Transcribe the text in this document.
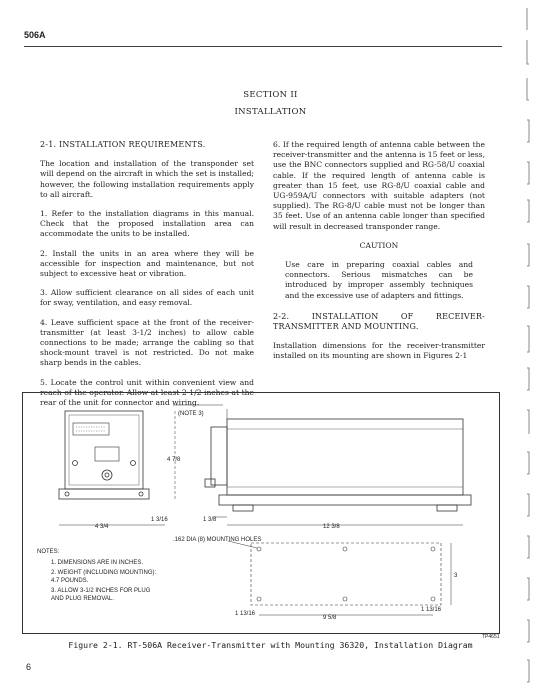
506A
SECTION II
INSTALLATION
2-1. INSTALLATION REQUIREMENTS.

The location and installation of the transponder set will depend on the aircraft in which the set is installed; however, the following installation requirements apply to all aircraft.

1. Refer to the installation diagrams in this manual. Check that the proposed installation area can accommodate the units to be installed.

2. Install the units in an area where they will be accessible for inspection and maintenance, but not subject to excessive heat or vibration.

3. Allow sufficient clearance on all sides of each unit for sway, ventilation, and easy removal.

4. Leave sufficient space at the front of the receiver-transmitter (at least 3-1/2 inches) to allow cable connections to be made; arrange the cabling so that shock-mount travel is not restricted. Do not make sharp bends in the cables.

5. Locate the control unit within convenient view and reach of the operator. Allow at least 2-1/2 inches at the rear of the unit for connector and wiring.

6. If the required length of antenna cable between the receiver-transmitter and the antenna is 15 feet or less, use the BNC connectors supplied and RG-58/U coaxial cable. If the required length of antenna cable is greater than 15 feet, use RG-8/U coaxial cable and UG-959A/U connectors with suitable adapters (not supplied). The RG-8/U cable must not be longer than 35 feet. Use of an antenna cable longer than specified will result in decreased transponder range.

CAUTION
Use care in preparing coaxial cables and connectors. Serious mismatches can be introduced by improper assembly techniques and the excessive use of adapters and fittings.
2-2. INSTALLATION OF RECEIVER-TRANSMITTER AND MOUNTING.

Installation dimensions for the receiver-transmitter installed on its mounting are shown in Figures 2-1

4 7/8
4 3/4
1 3/16
(NOTE 3)
1 3/8
12 3/8
.162 DIA (8) MOUNTING HOLES
3
9 5/8
1 13/16
1 13/16
NOTES:
1. DIMENSIONS ARE IN INCHES.
2. WEIGHT (INCLUDING MOUNTING): 4.7 POUNDS.
3. ALLOW 3-1/2 INCHES FOR PLUG AND PLUG REMOVAL.
TP4651
Figure 2-1. RT-506A Receiver-Transmitter with Mounting 36320, Installation Diagram
6
